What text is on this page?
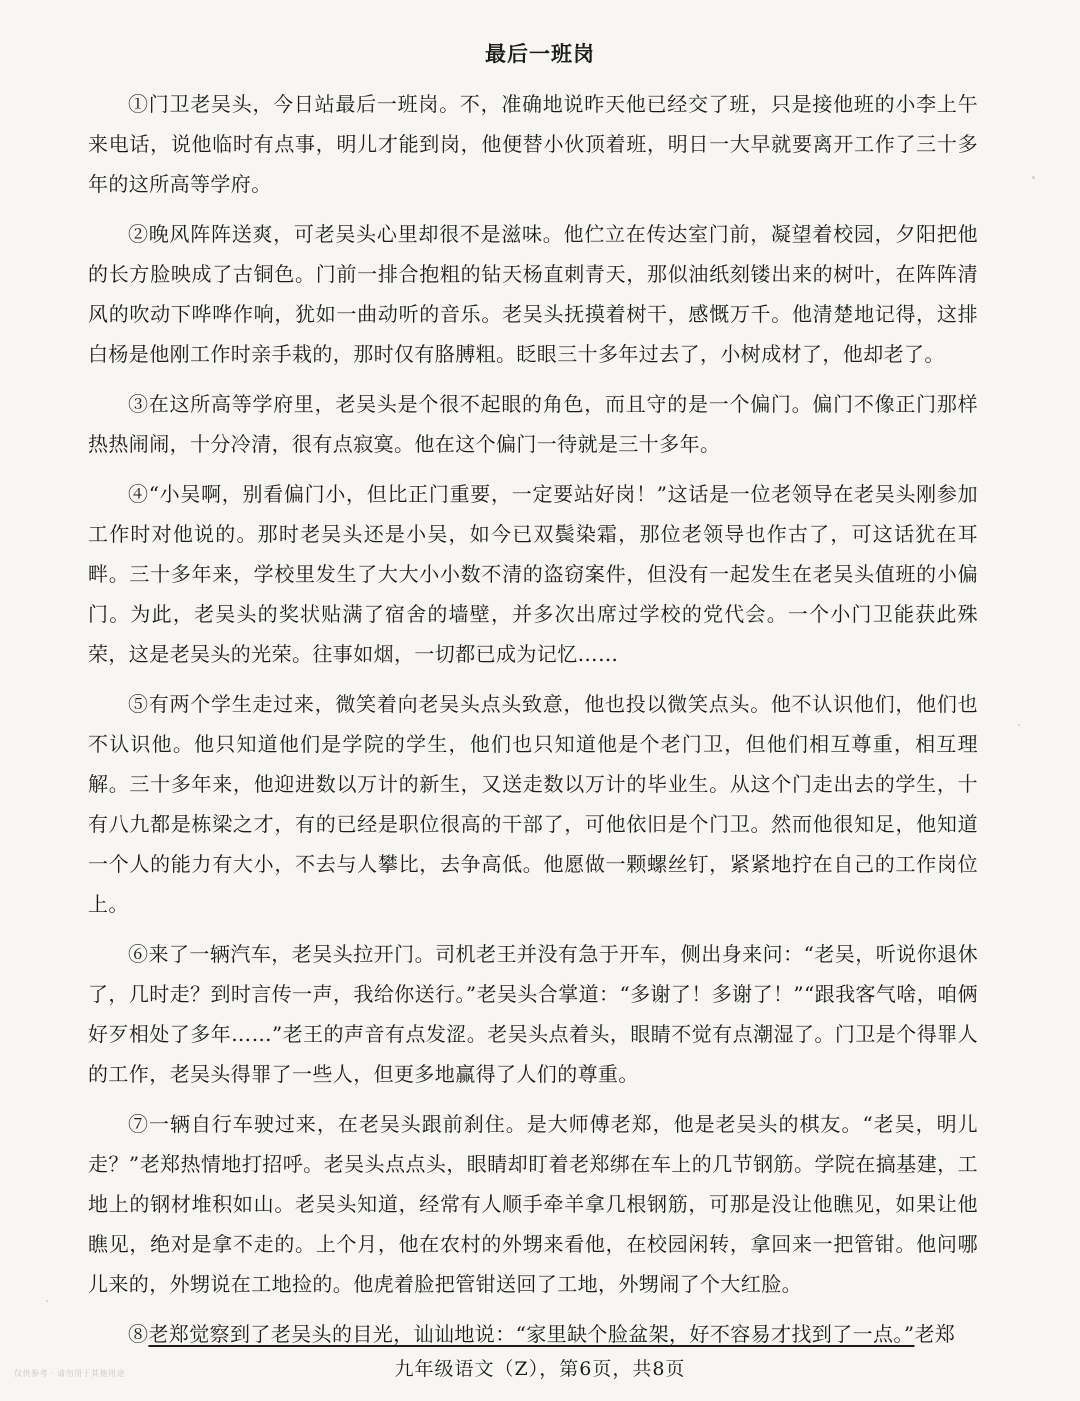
最后一班岗

①门卫老吴头，今日站最后一班岗。不，准确地说昨天他已经交了班，只是接他班的小李上午来电话，说他临时有点事，明儿才能到岗，他便替小伙顶着班，明日一大早就要离开工作了三十多年的这所高等学府。

②晚风阵阵送爽，可老吴头心里却很不是滋味。他伫立在传达室门前，凝望着校园，夕阳把他的长方脸映成了古铜色。门前一排合抱粗的钻天杨直刺青天，那似油纸刻镂出来的树叶，在阵阵清风的吹动下哗哗作响，犹如一曲动听的音乐。老吴头抚摸着树干，感慨万千。他清楚地记得，这排白杨是他刚工作时亲手栽的，那时仅有胳膊粗。眨眼三十多年过去了，小树成材了，他却老了。

③在这所高等学府里，老吴头是个很不起眼的角色，而且守的是一个偏门。偏门不像正门那样热热闹闹，十分冷清，很有点寂寞。他在这个偏门一待就是三十多年。

④“小吴啊，别看偏门小，但比正门重要，一定要站好岗！”这话是一位老领导在老吴头刚参加工作时对他说的。那时老吴头还是小吴，如今已双鬓染霜，那位老领导也作古了，可这话犹在耳畔。三十多年来，学校里发生了大大小小数不清的盗窃案件，但没有一起发生在老吴头值班的小偏门。为此，老吴头的奖状贴满了宿舍的墙壁，并多次出席过学校的党代会。一个小门卫能获此殊荣，这是老吴头的光荣。往事如烟，一切都已成为记忆……

⑤有两个学生走过来，微笑着向老吴头点头致意，他也投以微笑点头。他不认识他们，他们也不认识他。他只知道他们是学院的学生，他们也只知道他是个老门卫，但他们相互尊重，相互理解。三十多年来，他迎进数以万计的新生，又送走数以万计的毕业生。从这个门走出去的学生，十有八九都是栋梁之才，有的已经是职位很高的干部了，可他依旧是个门卫。然而他很知足，他知道一个人的能力有大小，不去与人攀比，去争高低。他愿做一颗螺丝钉，紧紧地拧在自己的工作岗位上。

⑥来了一辆汽车，老吴头拉开门。司机老王并没有急于开车，侧出身来问：“老吴，听说你退休了，几时走？到时言传一声，我给你送行。”老吴头合掌道：“多谢了！多谢了！”“跟我客气啥，咱俩好歹相处了多年……”老王的声音有点发涩。老吴头点着头，眼睛不觉有点潮湿了。门卫是个得罪人的工作，老吴头得罪了一些人，但更多地赢得了人们的尊重。

⑦一辆自行车驶过来，在老吴头跟前刹住。是大师傅老郑，他是老吴头的棋友。“老吴，明儿走？”老郑热情地打招呼。老吴头点点头，眼睛却盯着老郑绑在车上的几节钢筋。学院在搞基建，工地上的钢材堆积如山。老吴头知道，经常有人顺手牵羊拿几根钢筋，可那是没让他瞧见，如果让他瞧见，绝对是拿不走的。上个月，他在农村的外甥来看他，在校园闲转，拿回来一把管钳。他问哪儿来的，外甥说在工地捡的。他虎着脸把管钳送回了工地，外甥闹了个大红脸。

⑧老郑觉察到了老吴头的目光，讪讪地说：“家里缺个脸盆架，好不容易才找到了一点。”老郑

九年级语文（Z），第6页，共8页
仅供参考 · 请勿用于其他用途
